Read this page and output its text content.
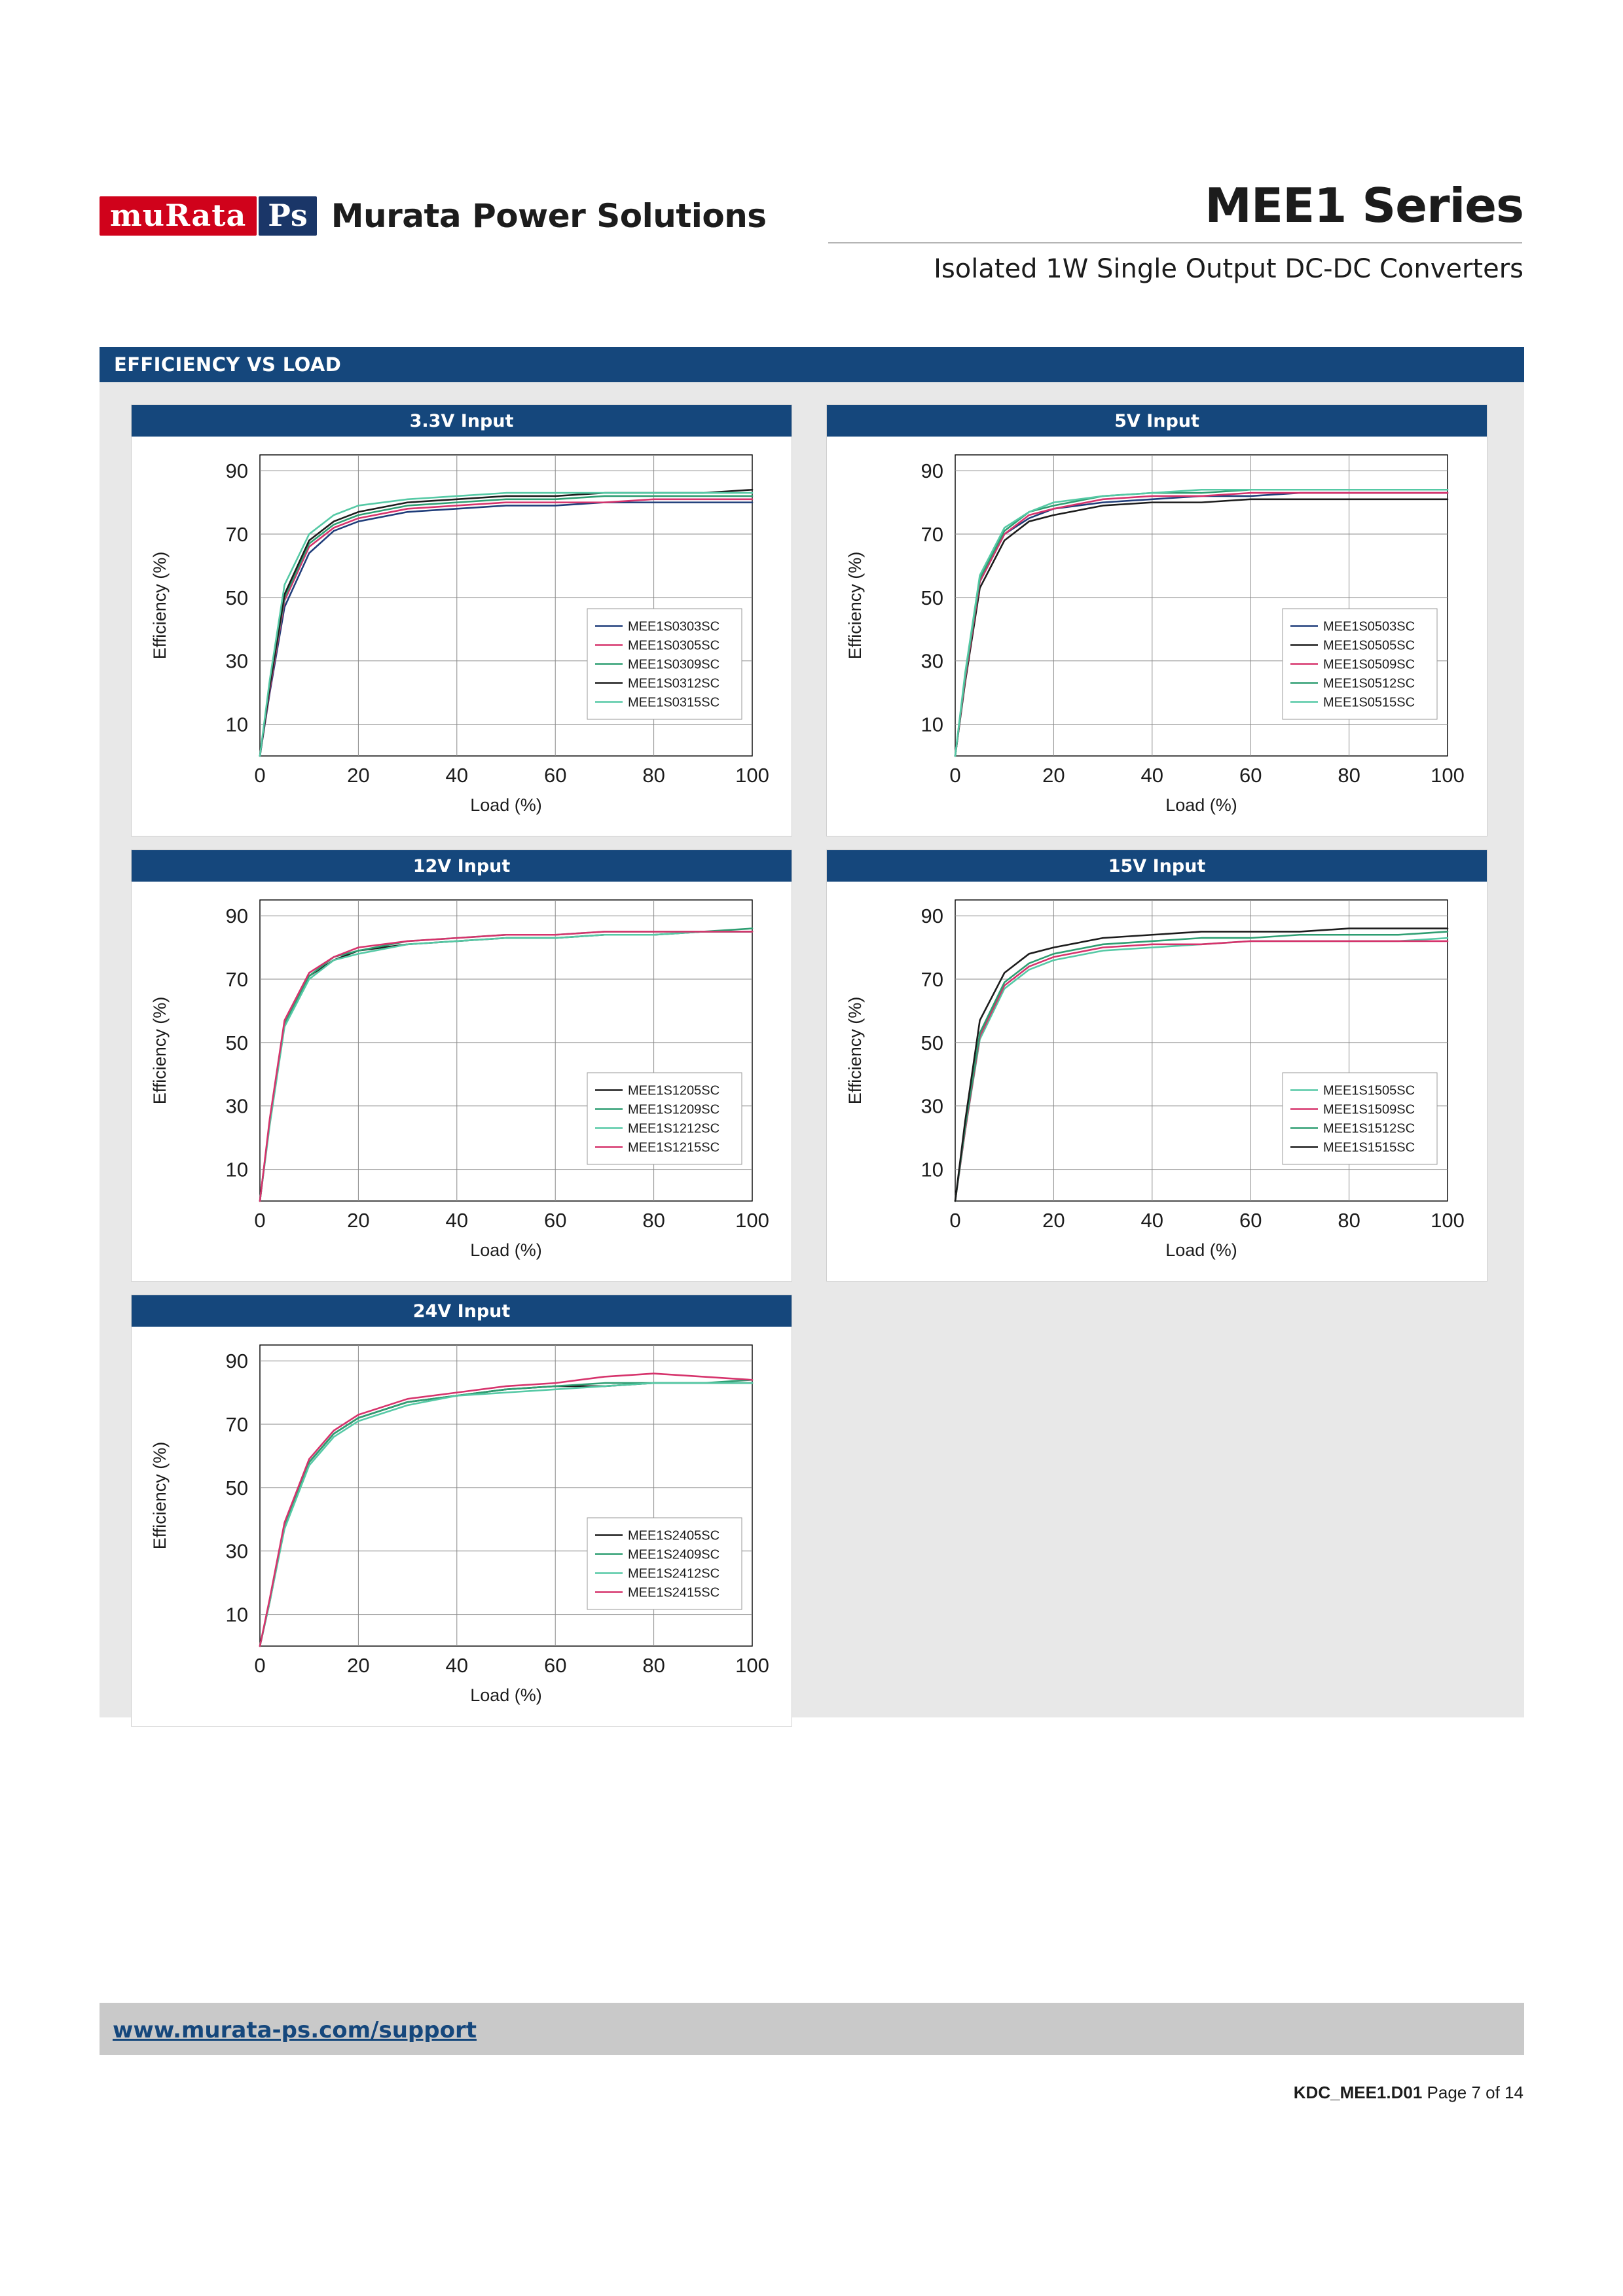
muRata Ps Murata Power Solutions	MEE1 Series
Isolated 1W Single Output DC-DC Converters
EFFICIENCY VS LOAD
3.3V Input
0	20	40	60	80	100
10
30
50
70
90
Load (%)
Efficiency (%)	MEE1S0303SC
MEE1S0305SC
MEE1S0309SC
MEE1S0312SC
MEE1S0315SC
5V Input
0	20	40	60	80	100
10
30
50
70
90
Load (%)
Efficiency (%)	MEE1S0503SC
MEE1S0505SC
MEE1S0509SC
MEE1S0512SC
MEE1S0515SC
12V Input
0	20	40	60	80	100
10
30
50
70
90
Load (%)
Efficiency (%)	MEE1S1205SC
MEE1S1209SC
MEE1S1212SC
MEE1S1215SC
15V Input
0	20	40	60	80	100
10
30
50
70
90
Load (%)
Efficiency (%)	MEE1S1505SC
MEE1S1509SC
MEE1S1512SC
MEE1S1515SC
24V Input
0	20	40	60	80	100
10
30
50
70
90
Load (%)
Efficiency (%)	MEE1S2405SC
MEE1S2409SC
MEE1S2412SC
MEE1S2415SC
www.murata-ps.com/support
KDC_MEE1.D01 Page 7 of 14
